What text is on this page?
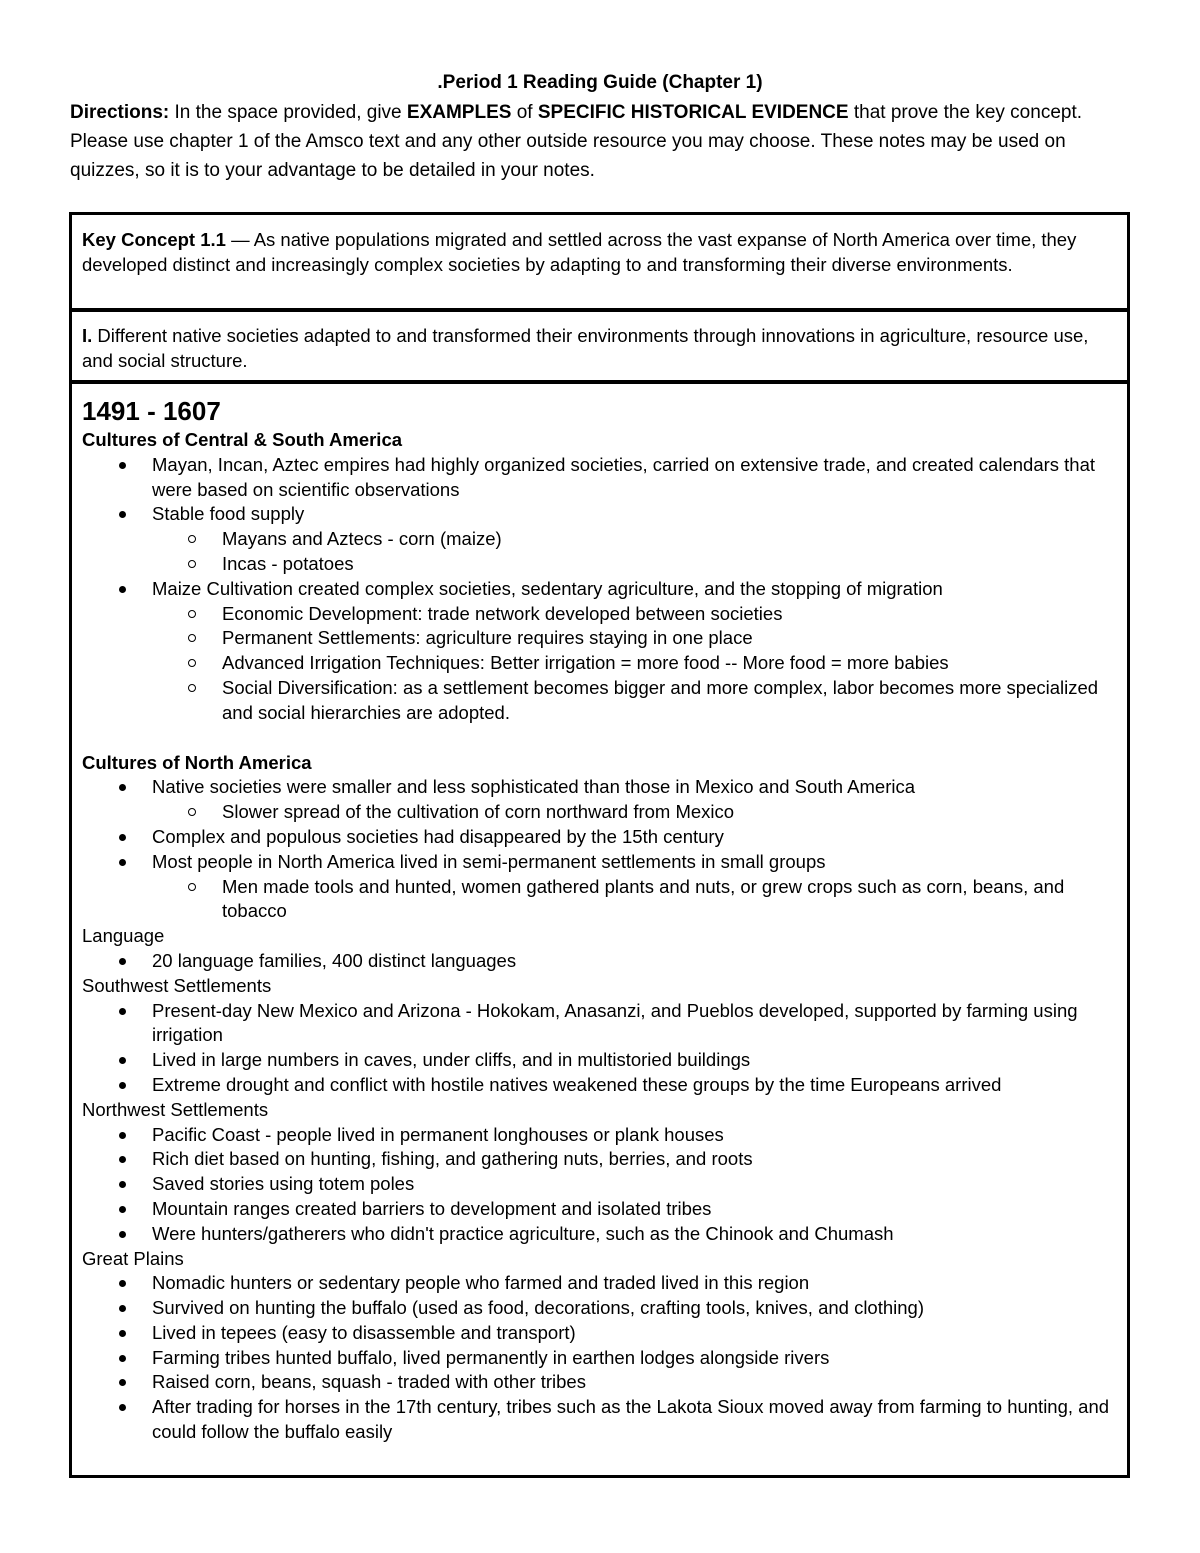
.Period 1 Reading Guide (Chapter 1)
Directions: In the space provided, give EXAMPLES of SPECIFIC HISTORICAL EVIDENCE that prove the key concept. Please use chapter 1 of the Amsco text and any other outside resource you may choose. These notes may be used on quizzes, so it is to your advantage to be detailed in your notes.
Key Concept 1.1 — As native populations migrated and settled across the vast expanse of North America over time, they developed distinct and increasingly complex societies by adapting to and transforming their diverse environments.
I. Different native societies adapted to and transformed their environments through innovations in agriculture, resource use, and social structure.
1491 - 1607
Cultures of Central & South America
Mayan, Incan, Aztec empires had highly organized societies, carried on extensive trade, and created calendars that were based on scientific observations
Stable food supply
Mayans and Aztecs - corn (maize)
Incas - potatoes
Maize Cultivation created complex societies, sedentary agriculture, and the stopping of migration
Economic Development: trade network developed between societies
Permanent Settlements: agriculture requires staying in one place
Advanced Irrigation Techniques: Better irrigation = more food -- More food = more babies
Social Diversification: as a settlement becomes bigger and more complex, labor becomes more specialized and social hierarchies are adopted.
Cultures of North America
Native societies were smaller and less sophisticated than those in Mexico and South America
Slower spread of the cultivation of corn northward from Mexico
Complex and populous societies had disappeared by the 15th century
Most people in North America lived in semi-permanent settlements in small groups
Men made tools and hunted, women gathered plants and nuts, or grew crops such as corn, beans, and tobacco
Language
20 language families, 400 distinct languages
Southwest Settlements
Present-day New Mexico and Arizona - Hokokam, Anasanzi, and Pueblos developed, supported by farming using irrigation
Lived in large numbers in caves, under cliffs, and in multistoried buildings
Extreme drought and conflict with hostile natives weakened these groups by the time Europeans arrived
Northwest Settlements
Pacific Coast - people lived in permanent longhouses or plank houses
Rich diet based on hunting, fishing, and gathering nuts, berries, and roots
Saved stories using totem poles
Mountain ranges created barriers to development and isolated tribes
Were hunters/gatherers who didn't practice agriculture, such as the Chinook and Chumash
Great Plains
Nomadic hunters or sedentary people who farmed and traded lived in this region
Survived on hunting the buffalo (used as food, decorations, crafting tools, knives, and clothing)
Lived in tepees (easy to disassemble and transport)
Farming tribes hunted buffalo, lived permanently in earthen lodges alongside rivers
Raised corn, beans, squash - traded with other tribes
After trading for horses in the 17th century, tribes such as the Lakota Sioux moved away from farming to hunting, and could follow the buffalo easily
